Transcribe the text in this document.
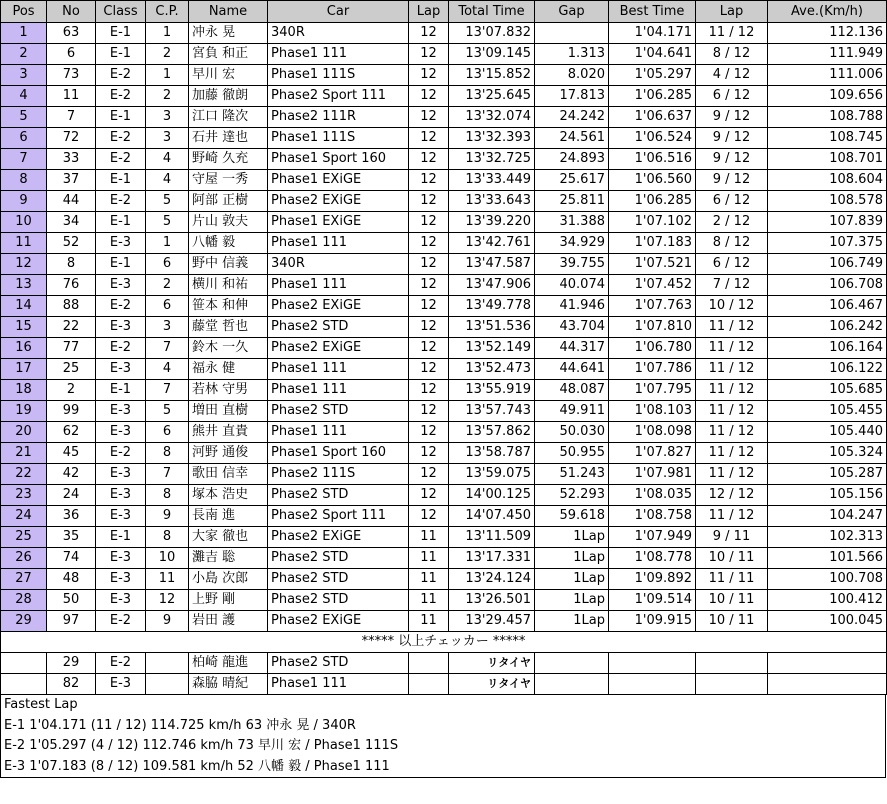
Pos	No	Class	C.P.	Name	Car	Lap	Total Time	Gap	Best Time	Lap	Ave.(Km/h)
1	63	E-1	1	冲永 晃	340R	12	13'07.832		1'04.171	11 / 12	112.136
2	6	E-1	2	宮負 和正	Phase1 111	12	13'09.145	1.313	1'04.641	8 / 12	111.949
3	73	E-2	1	早川 宏	Phase1 111S	12	13'15.852	8.020	1'05.297	4 / 12	111.006
4	11	E-2	2	加藤 徹朗	Phase2 Sport 111	12	13'25.645	17.813	1'06.285	6 / 12	109.656
5	7	E-1	3	江口 隆次	Phase2 111R	12	13'32.074	24.242	1'06.637	9 / 12	108.788
6	72	E-2	3	石井 達也	Phase1 111S	12	13'32.393	24.561	1'06.524	9 / 12	108.745
7	33	E-2	4	野崎 久充	Phase1 Sport 160	12	13'32.725	24.893	1'06.516	9 / 12	108.701
8	37	E-1	4	守屋 一秀	Phase1 EXiGE	12	13'33.449	25.617	1'06.560	9 / 12	108.604
9	44	E-2	5	阿部 正樹	Phase2 EXiGE	12	13'33.643	25.811	1'06.285	6 / 12	108.578
10	34	E-1	5	片山 敦夫	Phase1 EXiGE	12	13'39.220	31.388	1'07.102	2 / 12	107.839
11	52	E-3	1	八幡 毅	Phase1 111	12	13'42.761	34.929	1'07.183	8 / 12	107.375
12	8	E-1	6	野中 信義	340R	12	13'47.587	39.755	1'07.521	6 / 12	106.749
13	76	E-3	2	横川 和祐	Phase1 111	12	13'47.906	40.074	1'07.452	7 / 12	106.708
14	88	E-2	6	笹本 和伸	Phase2 EXiGE	12	13'49.778	41.946	1'07.763	10 / 12	106.467
15	22	E-3	3	藤堂 哲也	Phase2 STD	12	13'51.536	43.704	1'07.810	11 / 12	106.242
16	77	E-2	7	鈴木 一久	Phase2 EXiGE	12	13'52.149	44.317	1'06.780	11 / 12	106.164
17	25	E-3	4	福永 健	Phase1 111	12	13'52.473	44.641	1'07.786	11 / 12	106.122
18	2	E-1	7	若林 守男	Phase1 111	12	13'55.919	48.087	1'07.795	11 / 12	105.685
19	99	E-3	5	増田 直樹	Phase2 STD	12	13'57.743	49.911	1'08.103	11 / 12	105.455
20	62	E-3	6	熊井 直貴	Phase1 111	12	13'57.862	50.030	1'08.098	11 / 12	105.440
21	45	E-2	8	河野 通俊	Phase1 Sport 160	12	13'58.787	50.955	1'07.827	11 / 12	105.324
22	42	E-3	7	歌田 信幸	Phase2 111S	12	13'59.075	51.243	1'07.981	11 / 12	105.287
23	24	E-3	8	塚本 浩史	Phase2 STD	12	14'00.125	52.293	1'08.035	12 / 12	105.156
24	36	E-3	9	長南 進	Phase2 Sport 111	12	14'07.450	59.618	1'08.758	11 / 12	104.247
25	35	E-1	8	大家 徹也	Phase2 EXiGE	11	13'11.509	1Lap	1'07.949	9 / 11	102.313
26	74	E-3	10	灘吉 聡	Phase2 STD	11	13'17.331	1Lap	1'08.778	10 / 11	101.566
27	48	E-3	11	小島 次郎	Phase2 STD	11	13'24.124	1Lap	1'09.892	11 / 11	100.708
28	50	E-3	12	上野 剛	Phase2 STD	11	13'26.501	1Lap	1'09.514	10 / 11	100.412
29	97	E-2	9	岩田 護	Phase2 EXiGE	11	13'29.457	1Lap	1'09.915	10 / 11	100.045
***** 以上チェッカー *****											
	29	E-2		柏崎 龍進	Phase2 STD		リタイヤ				
	82	E-3		森脇 晴紀	Phase1 111		リタイヤ				
Fastest Lap
E-1 1'04.171 (11 / 12) 114.725 km/h 63 冲永 晃 / 340R
E-2 1'05.297 (4 / 12) 112.746 km/h 73 早川 宏 / Phase1 111S
E-3 1'07.183 (8 / 12) 109.581 km/h 52 八幡 毅 / Phase1 111
